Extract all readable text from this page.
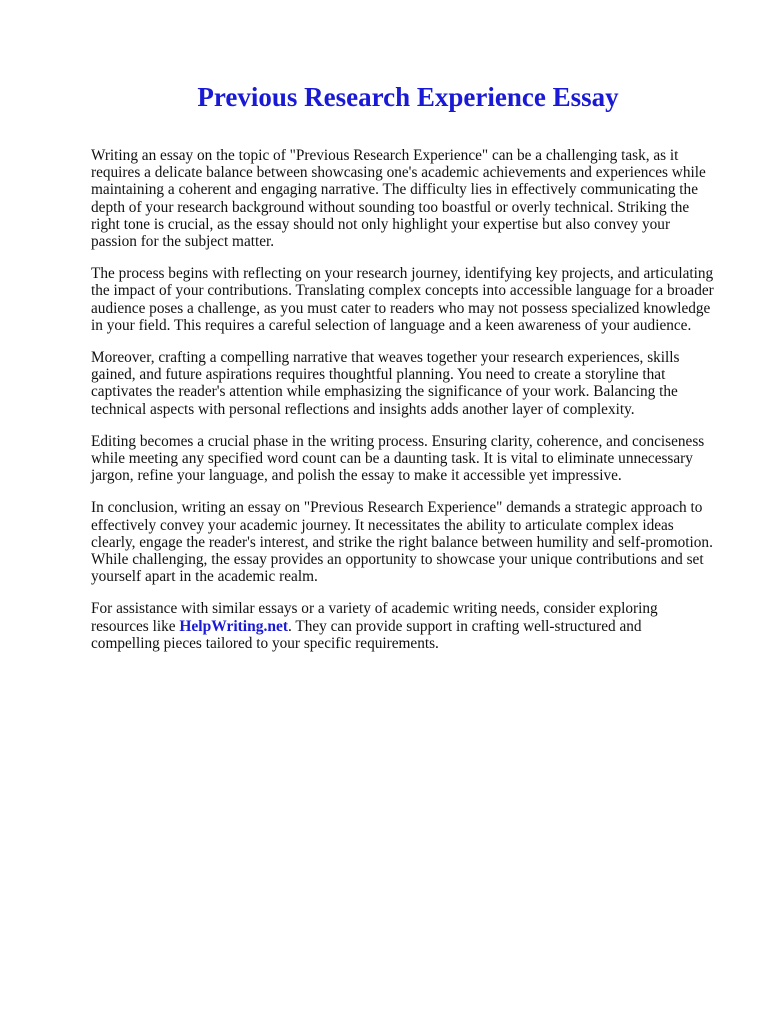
Previous Research Experience Essay

Writing an essay on the topic of "Previous Research Experience" can be a challenging task, as it
requires a delicate balance between showcasing one's academic achievements and experiences while
maintaining a coherent and engaging narrative. The difficulty lies in effectively communicating the
depth of your research background without sounding too boastful or overly technical. Striking the
right tone is crucial, as the essay should not only highlight your expertise but also convey your
passion for the subject matter.

The process begins with reflecting on your research journey, identifying key projects, and articulating
the impact of your contributions. Translating complex concepts into accessible language for a broader
audience poses a challenge, as you must cater to readers who may not possess specialized knowledge
in your field. This requires a careful selection of language and a keen awareness of your audience.

Moreover, crafting a compelling narrative that weaves together your research experiences, skills
gained, and future aspirations requires thoughtful planning. You need to create a storyline that
captivates the reader's attention while emphasizing the significance of your work. Balancing the
technical aspects with personal reflections and insights adds another layer of complexity.

Editing becomes a crucial phase in the writing process. Ensuring clarity, coherence, and conciseness
while meeting any specified word count can be a daunting task. It is vital to eliminate unnecessary
jargon, refine your language, and polish the essay to make it accessible yet impressive.

In conclusion, writing an essay on "Previous Research Experience" demands a strategic approach to
effectively convey your academic journey. It necessitates the ability to articulate complex ideas
clearly, engage the reader's interest, and strike the right balance between humility and self-promotion.
While challenging, the essay provides an opportunity to showcase your unique contributions and set
yourself apart in the academic realm.

For assistance with similar essays or a variety of academic writing needs, consider exploring
resources like HelpWriting.net. They can provide support in crafting well-structured and
compelling pieces tailored to your specific requirements.
